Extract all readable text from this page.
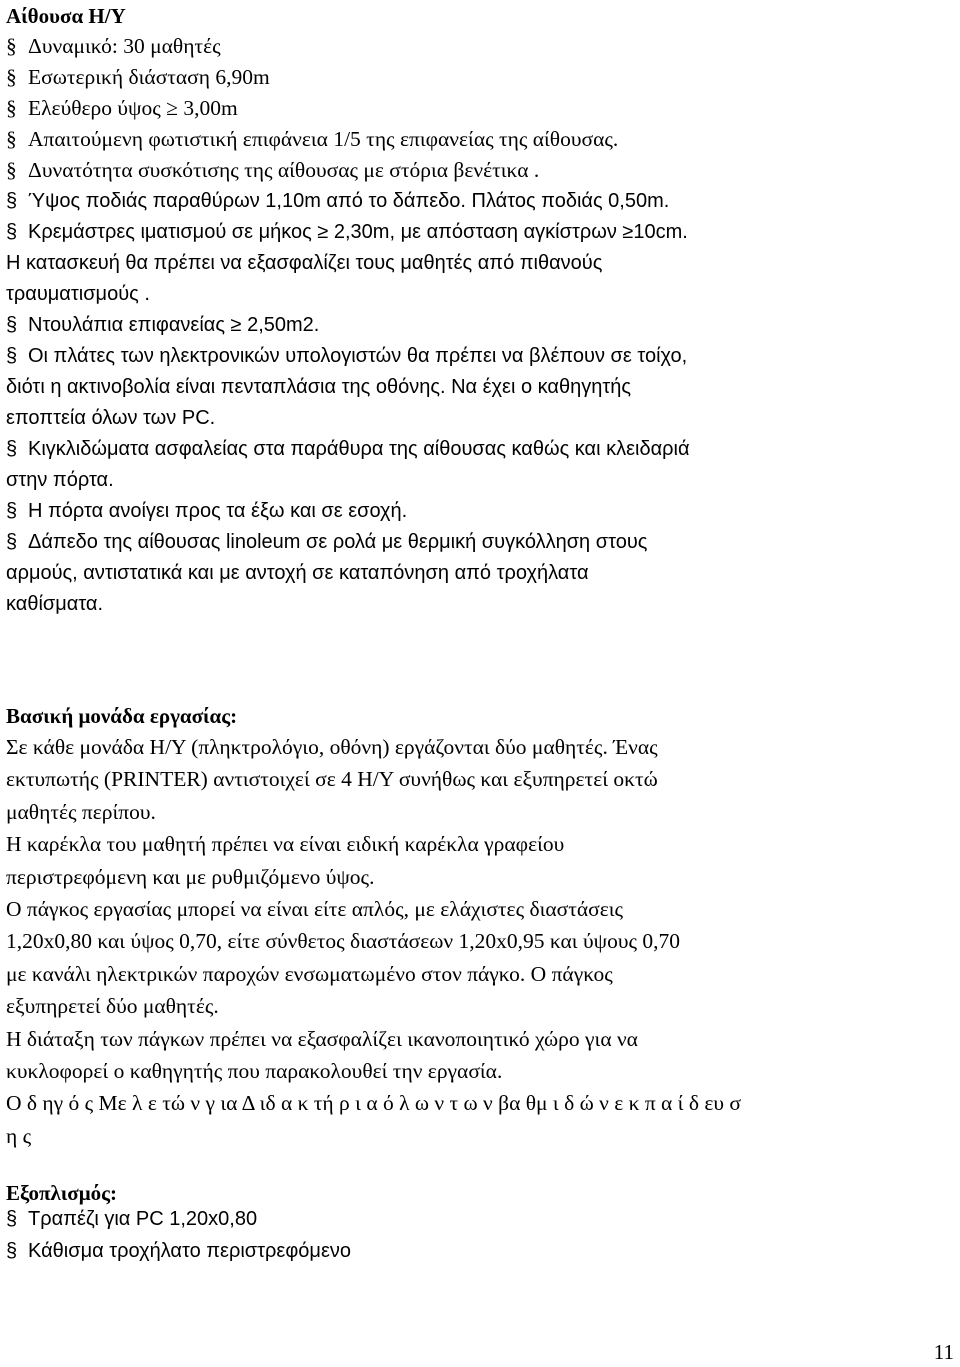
Αίθουσα Η/Υ
§ Δυναμικό: 30 μαθητές
§ Εσωτερική διάσταση 6,90m
§ Ελεύθερο ύψος ≥ 3,00m
§ Απαιτούμενη φωτιστική επιφάνεια 1/5 της επιφανείας της αίθουσας.
§ Δυνατότητα συσκότισης της αίθουσας με στόρια βενέτικα .
§ Ύψος ποδιάς παραθύρων 1,10m από το δάπεδο. Πλάτος ποδιάς 0,50m.
§ Κρεμάστρες ιματισμού σε μήκος ≥ 2,30m, με απόσταση αγκίστρων ≥10cm.
Η κατασκευή θα πρέπει να εξασφαλίζει τους μαθητές από πιθανούς
τραυματισμούς .
§ Ντουλάπια επιφανείας ≥ 2,50m2.
§ Οι πλάτες των ηλεκτρονικών υπολογιστών θα πρέπει να βλέπουν σε τοίχο,
διότι η ακτινοβολία είναι πενταπλάσια της οθόνης. Να έχει ο καθηγητής
εποπτεία όλων των PC.
§ Κιγκλιδώματα ασφαλείας στα παράθυρα της αίθουσας καθώς και κλειδαριά
στην πόρτα.
§ Η πόρτα ανοίγει προς τα έξω και σε εσοχή.
§ Δάπεδο της αίθουσας linoleum σε ρολά με θερμική συγκόλληση στους
αρμούς, αντιστατικά και με αντοχή σε καταπόνηση από τροχήλατα
καθίσματα.
Βασική μονάδα εργασίας:
Σε κάθε μονάδα Η/Υ (πληκτρολόγιο, οθόνη) εργάζονται δύο μαθητές. Ένας
εκτυπωτής (PRINTER) αντιστοιχεί σε 4 Η/Υ συνήθως και εξυπηρετεί οκτώ
μαθητές περίπου.
Η καρέκλα του μαθητή πρέπει να είναι ειδική καρέκλα γραφείου
περιστρεφόμενη και με ρυθμιζόμενο ύψος.
Ο πάγκος εργασίας μπορεί να είναι είτε απλός, με ελάχιστες διαστάσεις
1,20x0,80 και ύψος 0,70, είτε σύνθετος διαστάσεων 1,20x0,95 και ύψους 0,70
με κανάλι ηλεκτρικών παροχών ενσωματωμένο στον πάγκο. Ο πάγκος
εξυπηρετεί δύο μαθητές.
Η διάταξη των πάγκων πρέπει να εξασφαλίζει ικανοποιητικό χώρο για να
κυκλοφορεί ο καθηγητής που παρακολουθεί την εργασία.
Ο δ ηγ ό ς Με λ ε τώ ν γ ια Δ ιδ α κ τή ρ ι α ό λ ω ν τ ω ν βα θμ ι δ ώ ν ε κ π α ί δ ευ σ
η ς
Εξοπλισμός:
§ Τραπέζι για PC 1,20x0,80
§ Κάθισμα τροχήλατο περιστρεφόμενο
11
